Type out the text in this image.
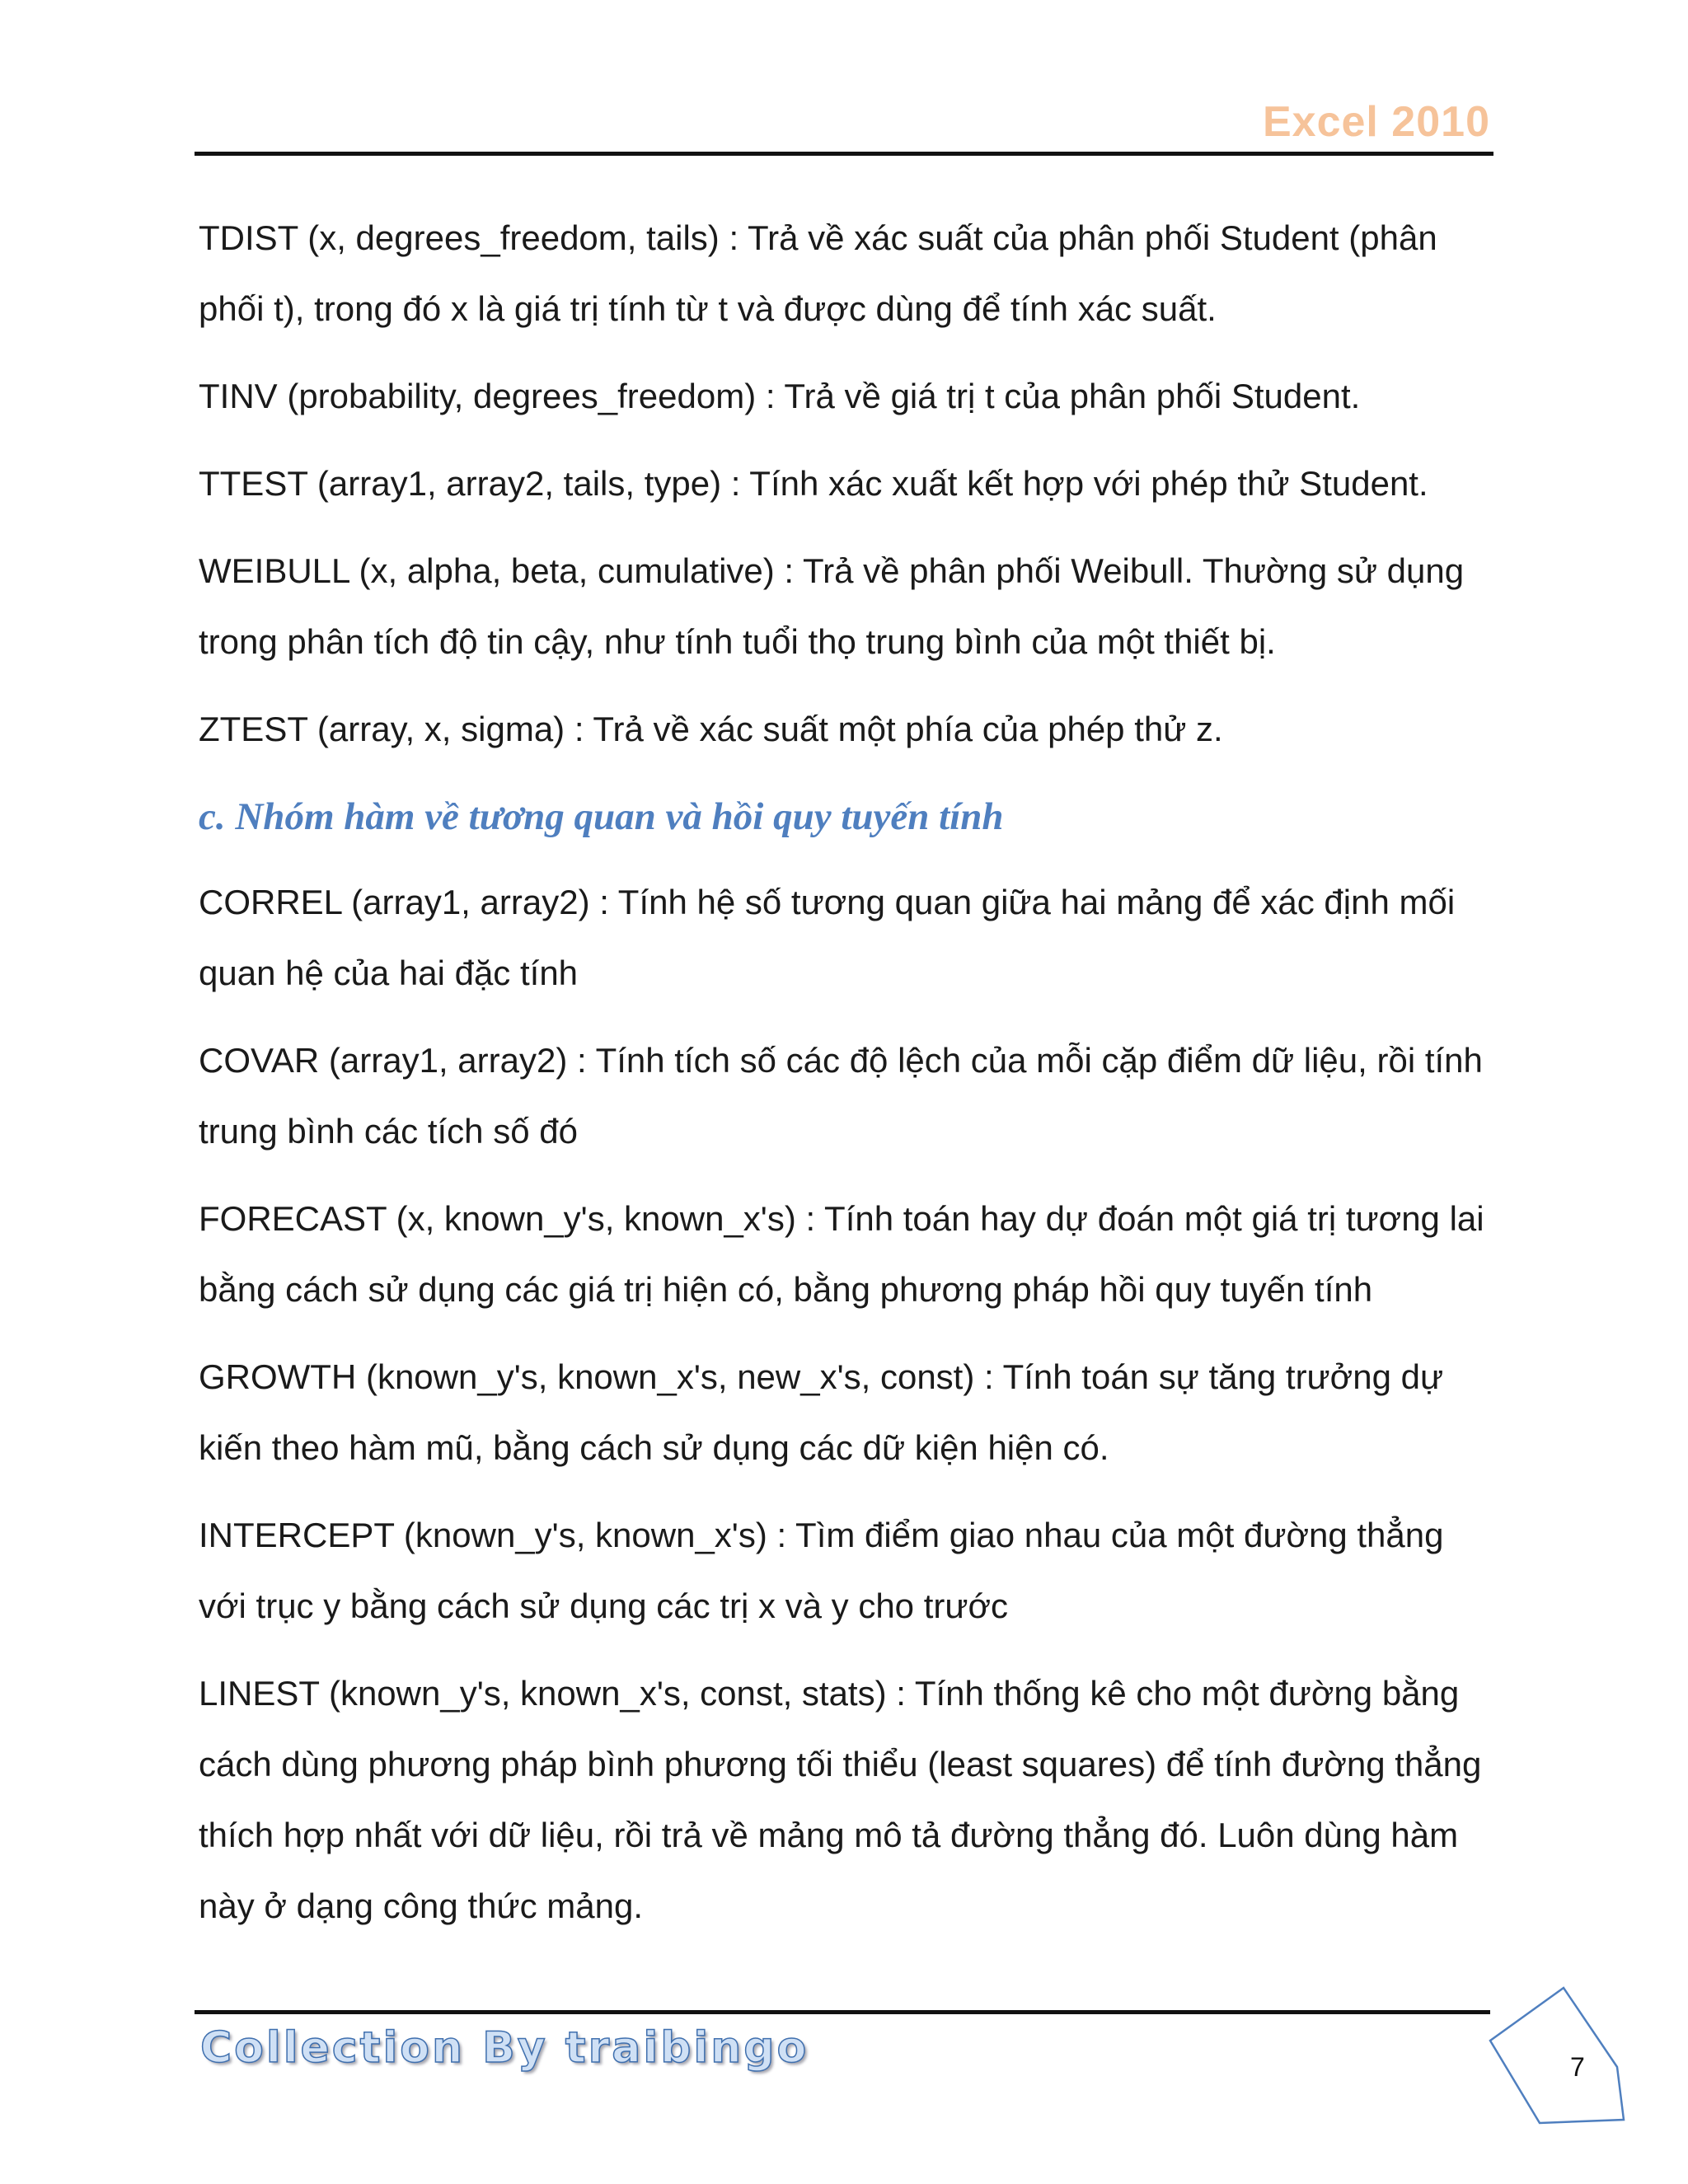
Excel 2010

TDIST (x, degrees_freedom, tails) : Trả về xác suất của phân phối Student (phân phối t), trong đó x là giá trị tính từ t và được dùng để tính xác suất.

TINV (probability, degrees_freedom) : Trả về giá trị t của phân phối Student.

TTEST (array1, array2, tails, type) : Tính xác xuất kết hợp với phép thử Student.

WEIBULL (x, alpha, beta, cumulative) : Trả về phân phối Weibull. Thường sử dụng trong phân tích độ tin cậy, như tính tuổi thọ trung bình của một thiết bị.

ZTEST (array, x, sigma) : Trả về xác suất một phía của phép thử z.

c. Nhóm hàm về tương quan và hồi quy tuyến tính

CORREL (array1, array2) : Tính hệ số tương quan giữa hai mảng để xác định mối quan hệ của hai đặc tính

COVAR (array1, array2) : Tính tích số các độ lệch của mỗi cặp điểm dữ liệu, rồi tính trung bình các tích số đó

FORECAST (x, known_y's, known_x's) : Tính toán hay dự đoán một giá trị tương lai bằng cách sử dụng các giá trị hiện có, bằng phương pháp hồi quy tuyến tính

GROWTH (known_y's, known_x's, new_x's, const) : Tính toán sự tăng trưởng dự kiến theo hàm mũ, bằng cách sử dụng các dữ kiện hiện có.

INTERCEPT (known_y's, known_x's) : Tìm điểm giao nhau của một đường thẳng với trục y bằng cách sử dụng các trị x và y cho trước

LINEST (known_y's, known_x's, const, stats) : Tính thống kê cho một đường bằng cách dùng phương pháp bình phương tối thiểu (least squares) để tính đường thẳng thích hợp nhất với dữ liệu, rồi trả về mảng mô tả đường thẳng đó. Luôn dùng hàm này ở dạng công thức mảng.

Collection By traibingo	7
